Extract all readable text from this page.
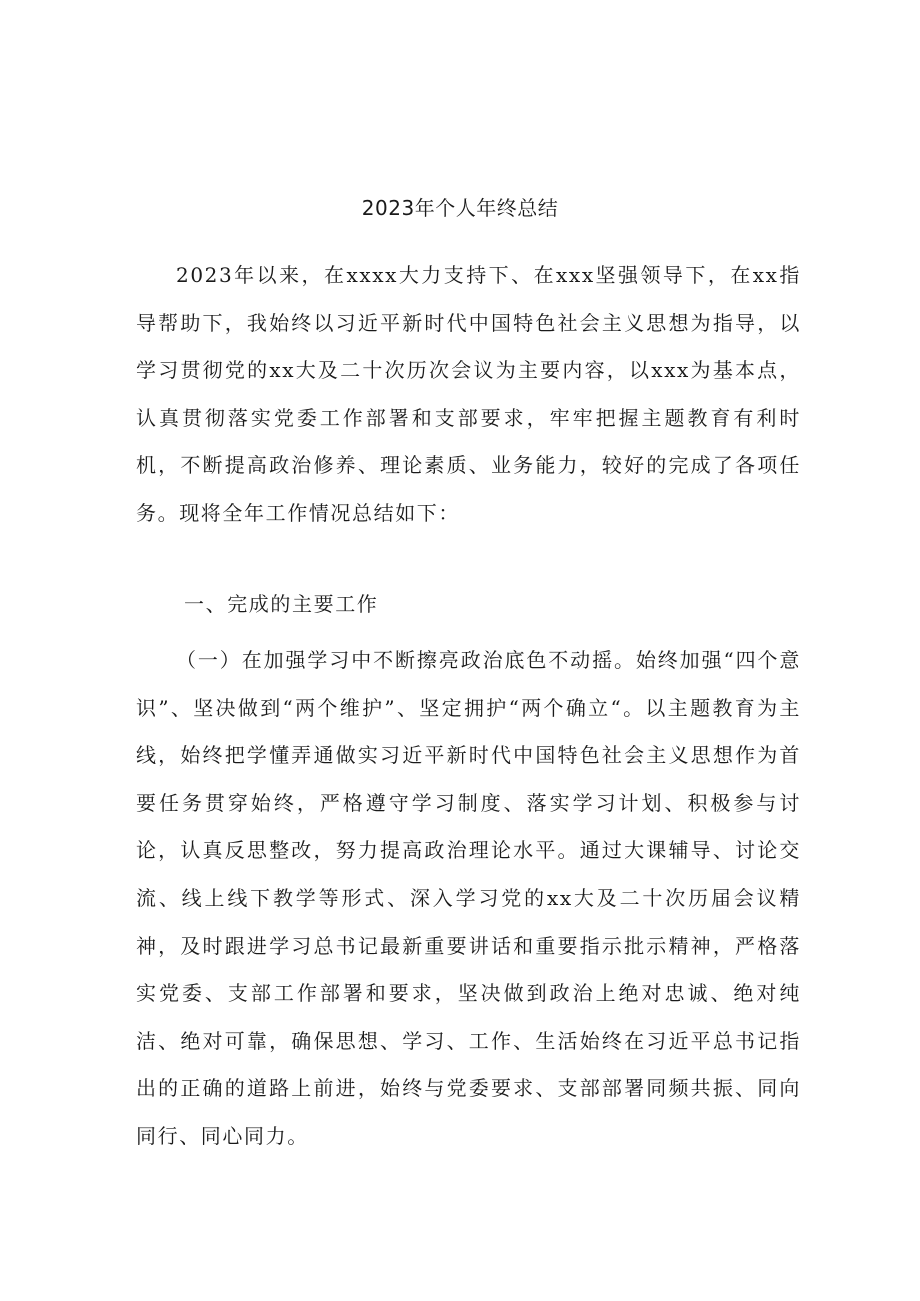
2023年个人年终总结

2023年以来，在xxxx大力支持下、在xxx坚强领导下，在xx指导帮助下，我始终以习近平新时代中国特色社会主义思想为指导，以学习贯彻党的xx大及二十次历次会议为主要内容，以xxx为基本点，认真贯彻落实党委工作部署和支部要求，牢牢把握主题教育有利时机，不断提高政治修养、理论素质、业务能力，较好的完成了各项任务。现将全年工作情况总结如下：

一、完成的主要工作

（一）在加强学习中不断擦亮政治底色不动摇。始终加强“四个意识”、坚决做到“两个维护”、坚定拥护“两个确立“。以主题教育为主线，始终把学懂弄通做实习近平新时代中国特色社会主义思想作为首要任务贯穿始终，严格遵守学习制度、落实学习计划、积极参与讨论，认真反思整改，努力提高政治理论水平。通过大课辅导、讨论交流、线上线下教学等形式、深入学习党的xx大及二十次历届会议精神，及时跟进学习总书记最新重要讲话和重要指示批示精神，严格落实党委、支部工作部署和要求，坚决做到政治上绝对忠诚、绝对纯洁、绝对可靠，确保思想、学习、工作、生活始终在习近平总书记指出的正确的道路上前进，始终与党委要求、支部部署同频共振、同向同行、同心同力。
